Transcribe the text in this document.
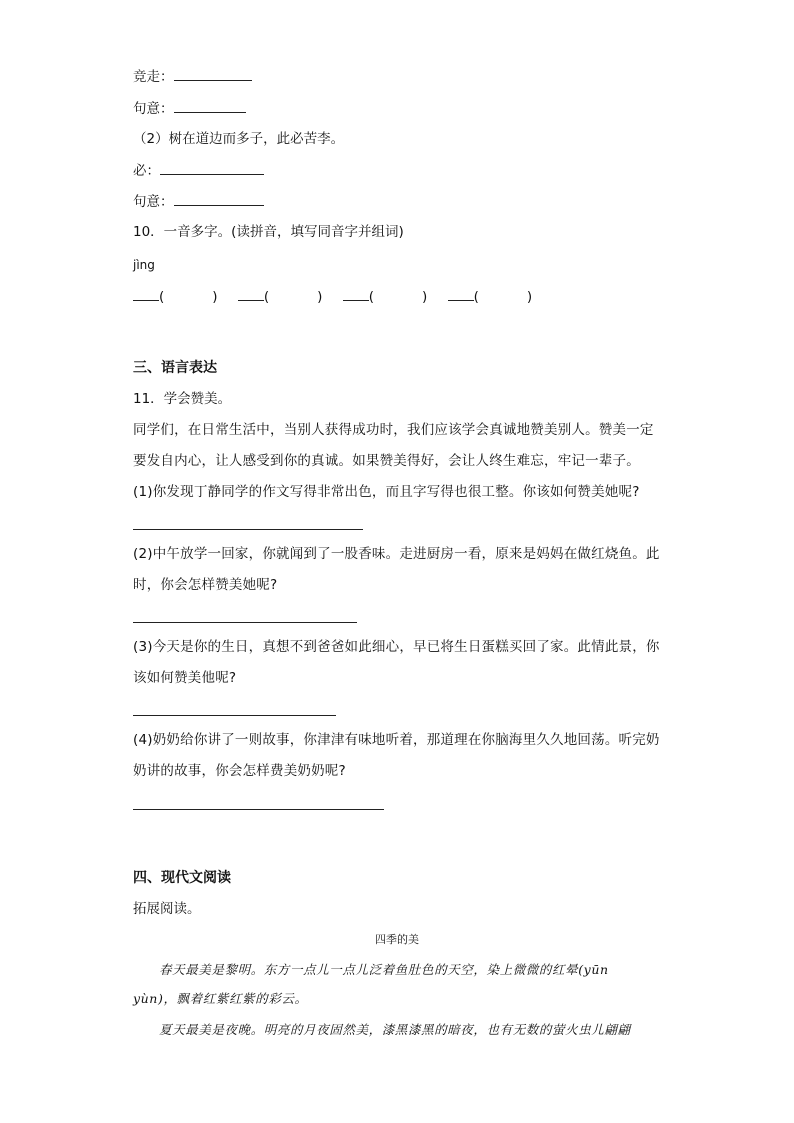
竞走：
句意：
（2）树在道边而多子，此必苦李。
必：
句意：
10．一音多字。(读拼音，填写同音字并组词)
jìng
(	)	(	)	(	)	(	)
三、语言表达
11．学会赞美。
同学们，在日常生活中，当别人获得成功时，我们应该学会真诚地赞美别人。赞美一定
要发自内心，让人感受到你的真诚。如果赞美得好，会让人终生难忘，牢记一辈子。
(1)你发现丁静同学的作文写得非常出色，而且字写得也很工整。你该如何赞美她呢?
(2)中午放学一回家，你就闻到了一股香味。走进厨房一看，原来是妈妈在做红烧鱼。此
时，你会怎样赞美她呢?
(3)今天是你的生日，真想不到爸爸如此细心，早已将生日蛋糕买回了家。此情此景，你
该如何赞美他呢?
(4)奶奶给你讲了一则故事，你津津有味地听着，那道理在你脑海里久久地回荡。听完奶
奶讲的故事，你会怎样费美奶奶呢?
四、现代文阅读
拓展阅读。
四季的美
春天最美是黎明。东方一点儿一点儿泛着鱼肚色的天空，染上微微的红晕(yūn
yùn)，飘着红紫红紫的彩云。
夏天最美是夜晚。明亮的月夜固然美，漆黑漆黑的暗夜，也有无数的萤火虫儿翩翩
